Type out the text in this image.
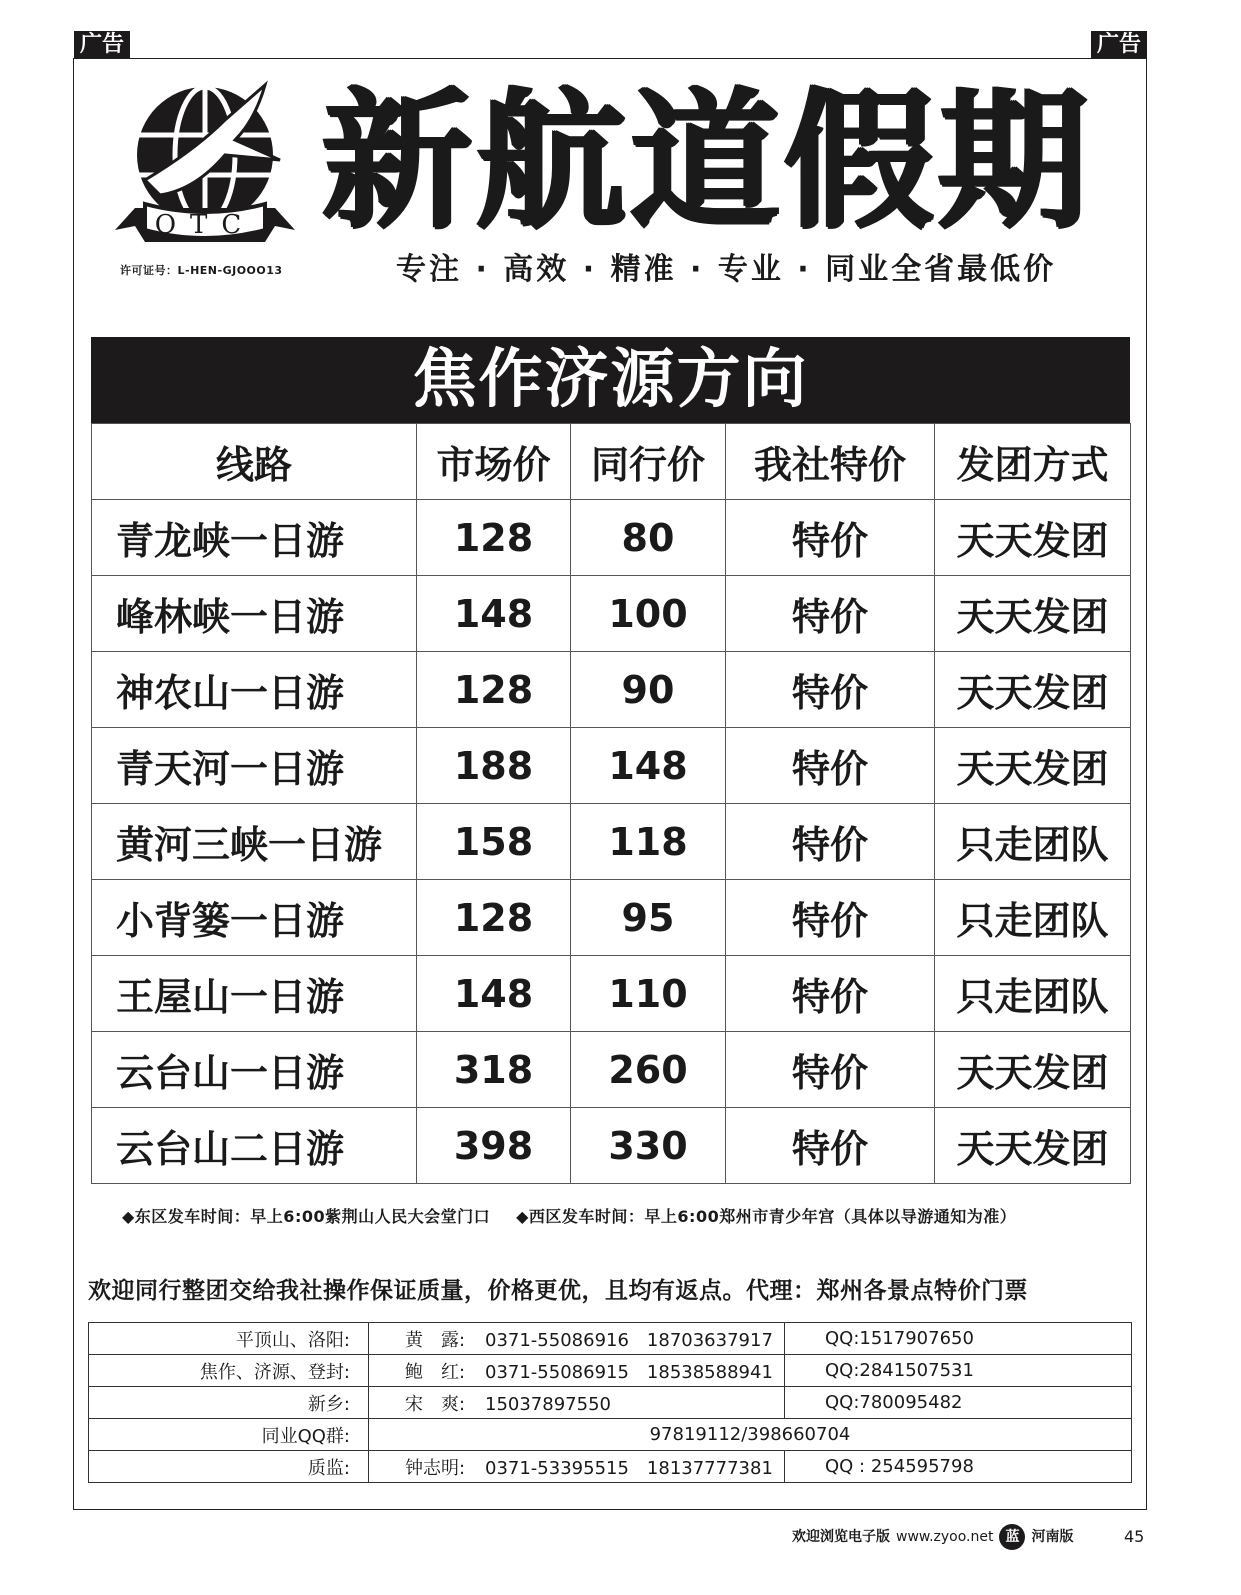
广告	广告
OTC
许可证号：L-HEN-GJOOO13
新航道假期
专注 · 高效 · 精准 · 专业 · 同业全省最低价
焦作济源方向
线路	市场价	同行价	我社特价	发团方式
青龙峡一日游	128	80	特价	天天发团
峰林峡一日游	148	100	特价	天天发团
神农山一日游	128	90	特价	天天发团
青天河一日游	188	148	特价	天天发团
黄河三峡一日游	158	118	特价	只走团队
小背篓一日游	128	95	特价	只走团队
王屋山一日游	148	110	特价	只走团队
云台山一日游	318	260	特价	天天发团
云台山二日游	398	330	特价	天天发团
◆东区发车时间：早上6:00紫荆山人民大会堂门口 ◆西区发车时间：早上6:00郑州市青少年宫（具体以导游通知为准）
欢迎同行整团交给我社操作保证质量，价格更优，且均有返点。代理：郑州各景点特价门票
平顶山、洛阳:	黄　露: 0371-55086916　18703637917	QQ:1517907650
焦作、济源、登封:	鲍　红: 0371-55086915　18538588941	QQ:2841507531
新乡:	宋　爽: 15037897550	QQ:780095482
同业QQ群:	97819112/398660704	
质监:	钟志明: 0371-53395515　18137777381	QQ : 254595798
欢迎浏览电子版 www.zyoo.net 蓝 河南版	45
